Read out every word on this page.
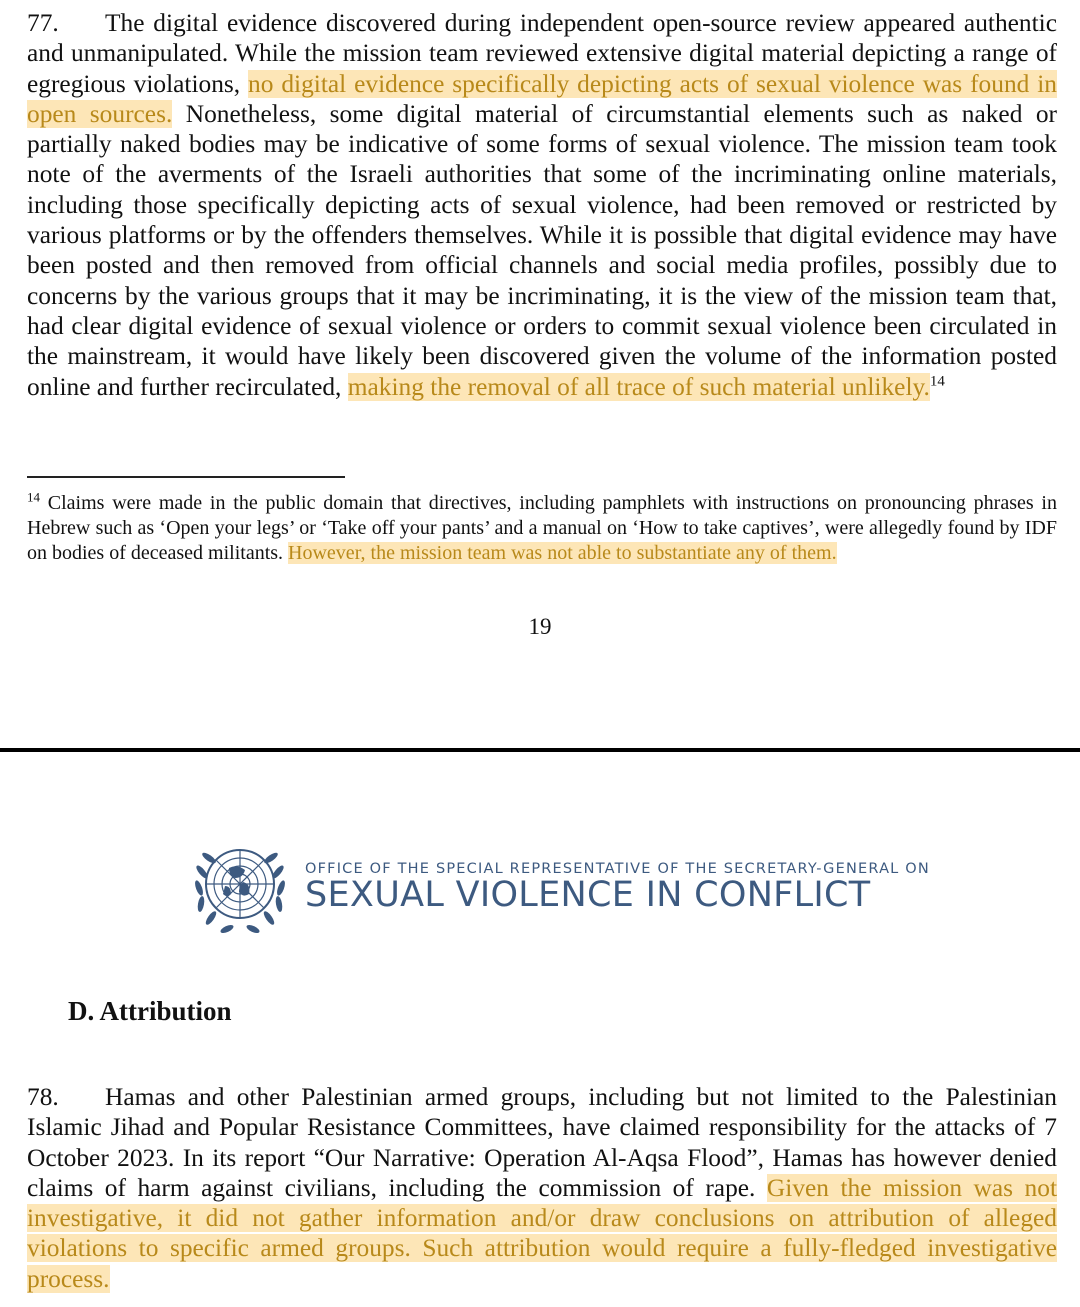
77. The digital evidence discovered during independent open-source review appeared authentic and unmanipulated. While the mission team reviewed extensive digital material depicting a range of egregious violations, no digital evidence specifically depicting acts of sexual violence was found in open sources. Nonetheless, some digital material of circumstantial elements such as naked or partially naked bodies may be indicative of some forms of sexual violence. The mission team took note of the averments of the Israeli authorities that some of the incriminating online materials, including those specifically depicting acts of sexual violence, had been removed or restricted by various platforms or by the offenders themselves. While it is possible that digital evidence may have been posted and then removed from official channels and social media profiles, possibly due to concerns by the various groups that it may be incriminating, it is the view of the mission team that, had clear digital evidence of sexual violence or orders to commit sexual violence been circulated in the mainstream, it would have likely been discovered given the volume of the information posted online and further recirculated, making the removal of all trace of such material unlikely.$^{14}$

$^{14}$ Claims were made in the public domain that directives, including pamphlets with instructions on pronouncing phrases in Hebrew such as ‘Open your legs’ or ‘Take off your pants’ and a manual on ‘How to take captives’, were allegedly found by IDF on bodies of deceased militants. However, the mission team was not able to substantiate any of them.

19
OFFICE OF THE SPECIAL REPRESENTATIVE OF THE SECRETARY-GENERAL ON
SEXUAL VIOLENCE IN CONFLICT
D. Attribution

78. Hamas and other Palestinian armed groups, including but not limited to the Palestinian Islamic Jihad and Popular Resistance Committees, have claimed responsibility for the attacks of 7 October 2023. In its report “Our Narrative: Operation Al-Aqsa Flood”, Hamas has however denied claims of harm against civilians, including the commission of rape. Given the mission was not investigative, it did not gather information and/or draw conclusions on attribution of alleged violations to specific armed groups. Such attribution would require a fully-fledged investigative process.
